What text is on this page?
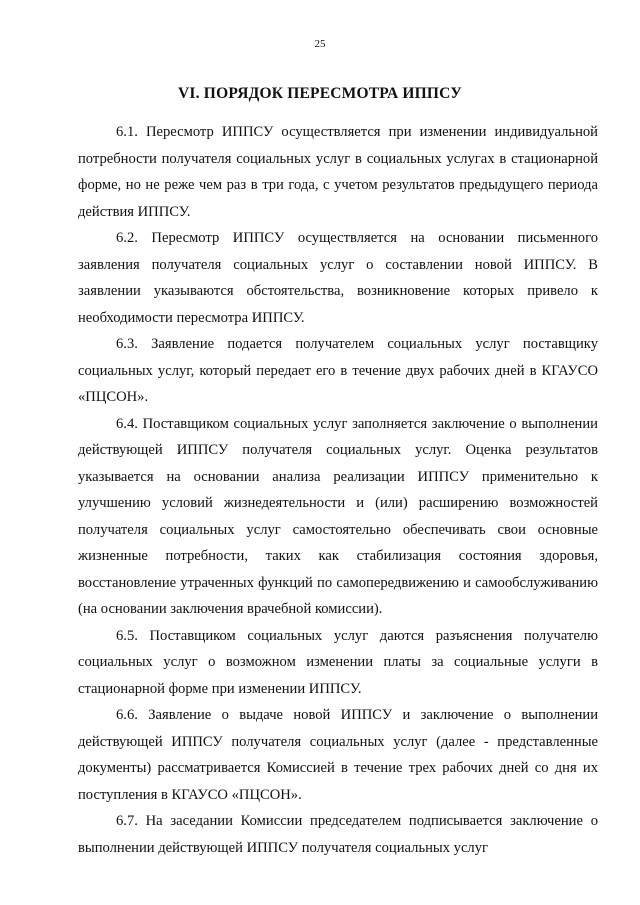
25
VI. ПОРЯДОК ПЕРЕСМОТРА ИППСУ

6.1. Пересмотр ИППСУ осуществляется при изменении индивидуальной потребности получателя социальных услуг в социальных услугах в стационарной форме, но не реже чем раз в три года, с учетом результатов предыдущего периода действия ИППСУ.

6.2. Пересмотр ИППСУ осуществляется на основании письменного заявления получателя социальных услуг о составлении новой ИППСУ. В заявлении указываются обстоятельства, возникновение которых привело к необходимости пересмотра ИППСУ.

6.3. Заявление подается получателем социальных услуг поставщику социальных услуг, который передает его в течение двух рабочих дней в КГАУСО «ПЦСОН».

6.4. Поставщиком социальных услуг заполняется заключение о выполнении действующей ИППСУ получателя социальных услуг. Оценка результатов указывается на основании анализа реализации ИППСУ применительно к улучшению условий жизнедеятельности и (или) расширению возможностей получателя социальных услуг самостоятельно обеспечивать свои основные жизненные потребности, таких как стабилизация состояния здоровья, восстановление утраченных функций по самопередвижению и самообслуживанию (на основании заключения врачебной комиссии).

6.5. Поставщиком социальных услуг даются разъяснения получателю социальных услуг о возможном изменении платы за социальные услуги в стационарной форме при изменении ИППСУ.

6.6. Заявление о выдаче новой ИППСУ и заключение о выполнении действующей ИППСУ получателя социальных услуг (далее - представленные документы) рассматривается Комиссией в течение трех рабочих дней со дня их поступления в КГАУСО «ПЦСОН».

6.7. На заседании Комиссии председателем подписывается заключение о выполнении действующей ИППСУ получателя социальных услуг
